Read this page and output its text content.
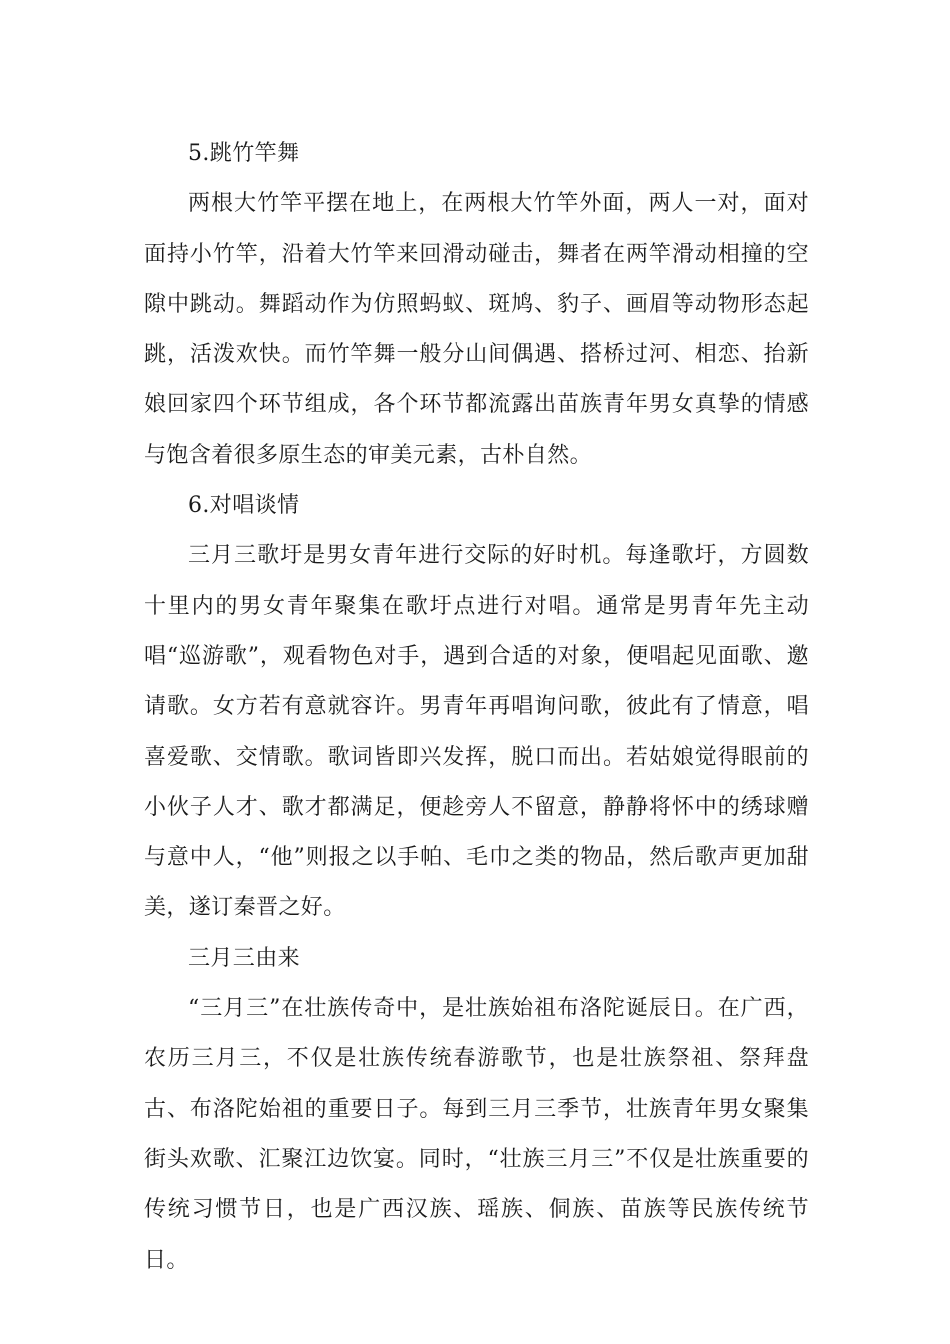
5.跳竹竿舞

两根大竹竿平摆在地上，在两根大竹竿外面，两人一对，面对面持小竹竿，沿着大竹竿来回滑动碰击，舞者在两竿滑动相撞的空隙中跳动。舞蹈动作为仿照蚂蚁、斑鸠、豹子、画眉等动物形态起跳，活泼欢快。而竹竿舞一般分山间偶遇、搭桥过河、相恋、抬新娘回家四个环节组成，各个环节都流露出苗族青年男女真挚的情感与饱含着很多原生态的审美元素，古朴自然。

6.对唱谈情

三月三歌圩是男女青年进行交际的好时机。每逢歌圩，方圆数十里内的男女青年聚集在歌圩点进行对唱。通常是男青年先主动唱“巡游歌”，观看物色对手，遇到合适的对象，便唱起见面歌、邀请歌。女方若有意就容许。男青年再唱询问歌，彼此有了情意，唱喜爱歌、交情歌。歌词皆即兴发挥，脱口而出。若姑娘觉得眼前的小伙子人才、歌才都满足，便趁旁人不留意，静静将怀中的绣球赠与意中人，“他”则报之以手帕、毛巾之类的物品，然后歌声更加甜美，遂订秦晋之好。

三月三由来

“三月三”在壮族传奇中，是壮族始祖布洛陀诞辰日。在广西，农历三月三，不仅是壮族传统春游歌节，也是壮族祭祖、祭拜盘古、布洛陀始祖的重要日子。每到三月三季节，壮族青年男女聚集街头欢歌、汇聚江边饮宴。同时，“壮族三月三”不仅是壮族重要的传统习惯节日，也是广西汉族、瑶族、侗族、苗族等民族传统节日。
